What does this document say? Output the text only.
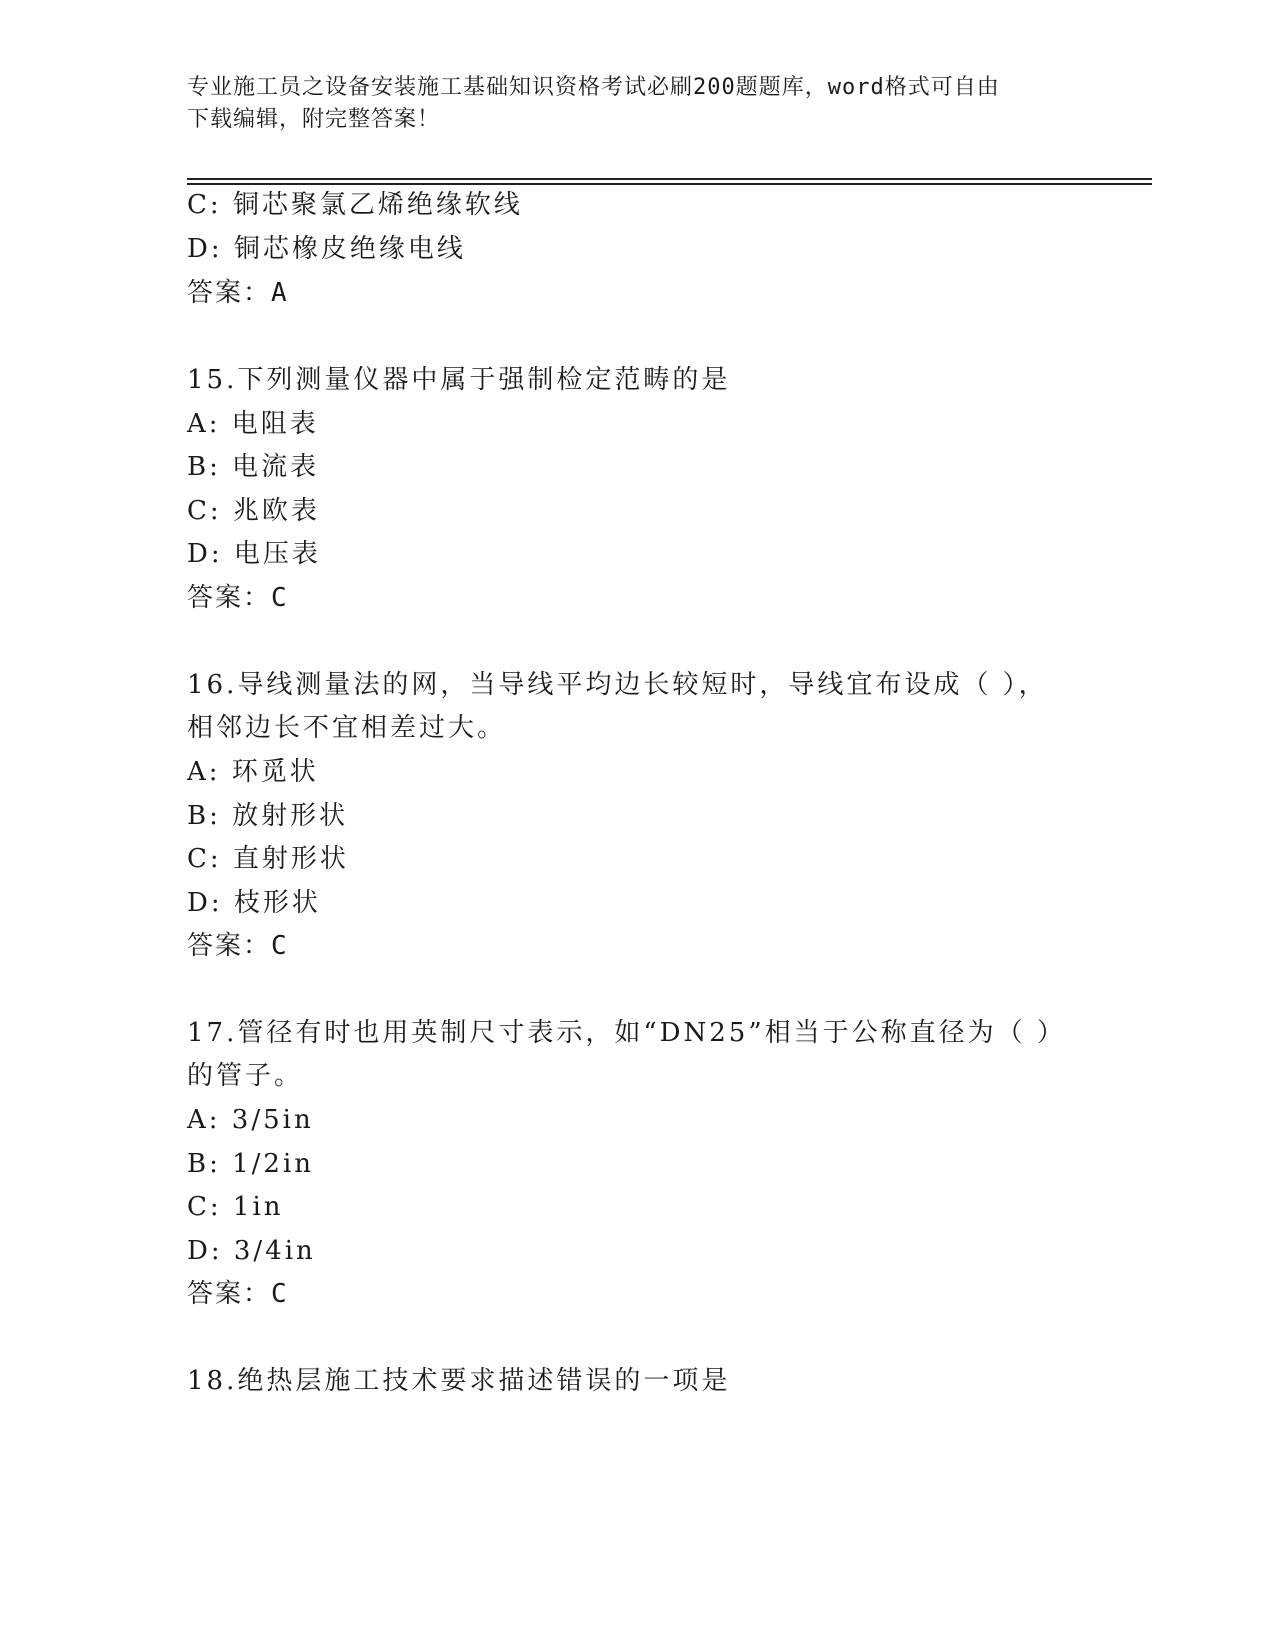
专业施工员之设备安装施工基础知识资格考试必刷200题题库，word格式可自由
下载编辑，附完整答案！
C: 铜芯聚氯乙烯绝缘软线
D: 铜芯橡皮绝缘电线
答案：A
15.下列测量仪器中属于强制检定范畴的是
A: 电阻表
B: 电流表
C: 兆欧表
D: 电压表
答案：C
16.导线测量法的网，当导线平均边长较短时，导线宜布设成（ ），
相邻边长不宜相差过大。
A: 环觅状
B: 放射形状
C: 直射形状
D: 枝形状
答案：C
17.管径有时也用英制尺寸表示，如“DN25”相当于公称直径为（ ）
的管子。
A: 3/5in
B: 1/2in
C: 1in
D: 3/4in
答案：C
18.绝热层施工技术要求描述错误的一项是
